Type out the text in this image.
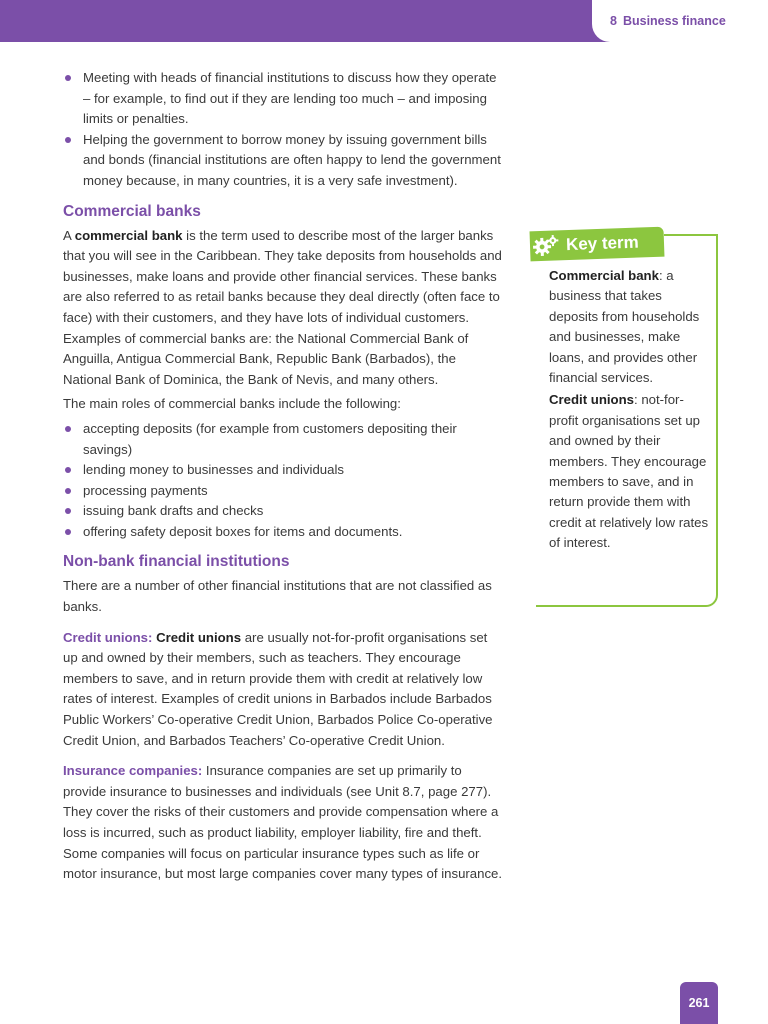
8 Business finance
Meeting with heads of financial institutions to discuss how they operate – for example, to find out if they are lending too much – and imposing limits or penalties.
Helping the government to borrow money by issuing government bills and bonds (financial institutions are often happy to lend the government money because, in many countries, it is a very safe investment).
Commercial banks

A commercial bank is the term used to describe most of the larger banks that you will see in the Caribbean. They take deposits from households and businesses, make loans and provide other financial services. These banks are also referred to as retail banks because they deal directly (often face to face) with their customers, and they have lots of individual customers. Examples of commercial banks are: the National Commercial Bank of Anguilla, Antigua Commercial Bank, Republic Bank (Barbados), the National Bank of Dominica, the Bank of Nevis, and many others.

The main roles of commercial banks include the following:

accepting deposits (for example from customers depositing their savings)
lending money to businesses and individuals
processing payments
issuing bank drafts and checks
offering safety deposit boxes for items and documents.
Non-bank financial institutions

There are a number of other financial institutions that are not classified as banks.

Credit unions: Credit unions are usually not-for-profit organisations set up and owned by their members, such as teachers. They encourage members to save, and in return provide them with credit at relatively low rates of interest. Examples of credit unions in Barbados include Barbados Public Workers’ Co-operative Credit Union, Barbados Police Co-operative Credit Union, and Barbados Teachers’ Co-operative Credit Union.

Insurance companies: Insurance companies are set up primarily to provide insurance to businesses and individuals (see Unit 8.7, page 277). They cover the risks of their customers and provide compensation where a loss is incurred, such as product liability, employer liability, fire and theft. Some companies will focus on particular insurance types such as life or motor insurance, but most large companies cover many types of insurance.

Key term

Commercial bank: a business that takes deposits from households and businesses, make loans, and provides other financial services.

Credit unions: not-for-profit organisations set up and owned by their members. They encourage members to save, and in return provide them with credit at relatively low rates of interest.

261
